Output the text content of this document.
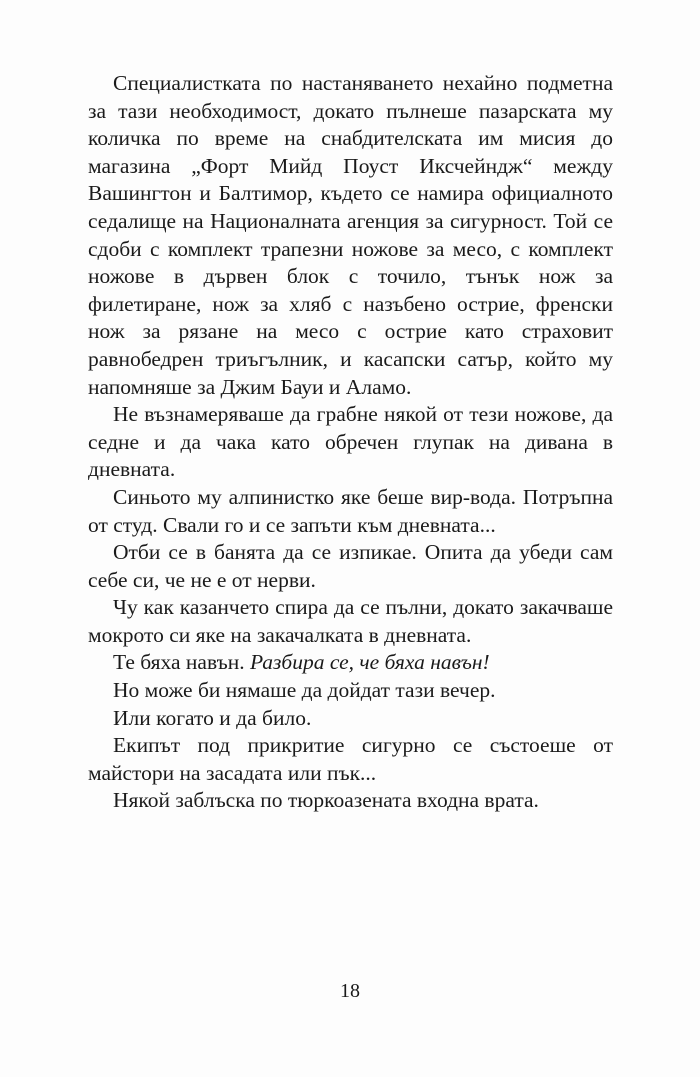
Специалистката по настаняването нехайно подметна за тази необходимост, докато пълнеше пазарската му количка по време на снабдителската им мисия до магазина „Форт Мийд Поуст Иксчейндж“ между Вашингтон и Балтимор, където се намира официалното седалище на Националната агенция за сигурност. Той се сдоби с комплект трапезни ножове за месо, с комплект ножове в дървен блок с точило, тънък нож за филетиране, нож за хляб с назъбено острие, френски нож за рязане на месо с острие като страховит равнобедрен триъгълник, и касапски сатър, който му напомняше за Джим Бауи и Аламо.

Не възнамеряваше да грабне някой от тези ножове, да седне и да чака като обречен глупак на дивана в дневната.

Синьото му алпинистко яке беше вир-вода. Потръпна от студ. Свали го и се запъти към дневната...

Отби се в банята да се изпикае. Опита да убеди сам себе си, че не е от нерви.

Чу как казанчето спира да се пълни, докато закачваше мокрото си яке на закачалката в дневната.

Те бяха навън. Разбира се, че бяха навън!

Но може би нямаше да дойдат тази вечер.

Или когато и да било.

Екипът под прикритие сигурно се състоеше от майстори на засадата или пък...

Някой заблъска по тюркоазената входна врата.

18
